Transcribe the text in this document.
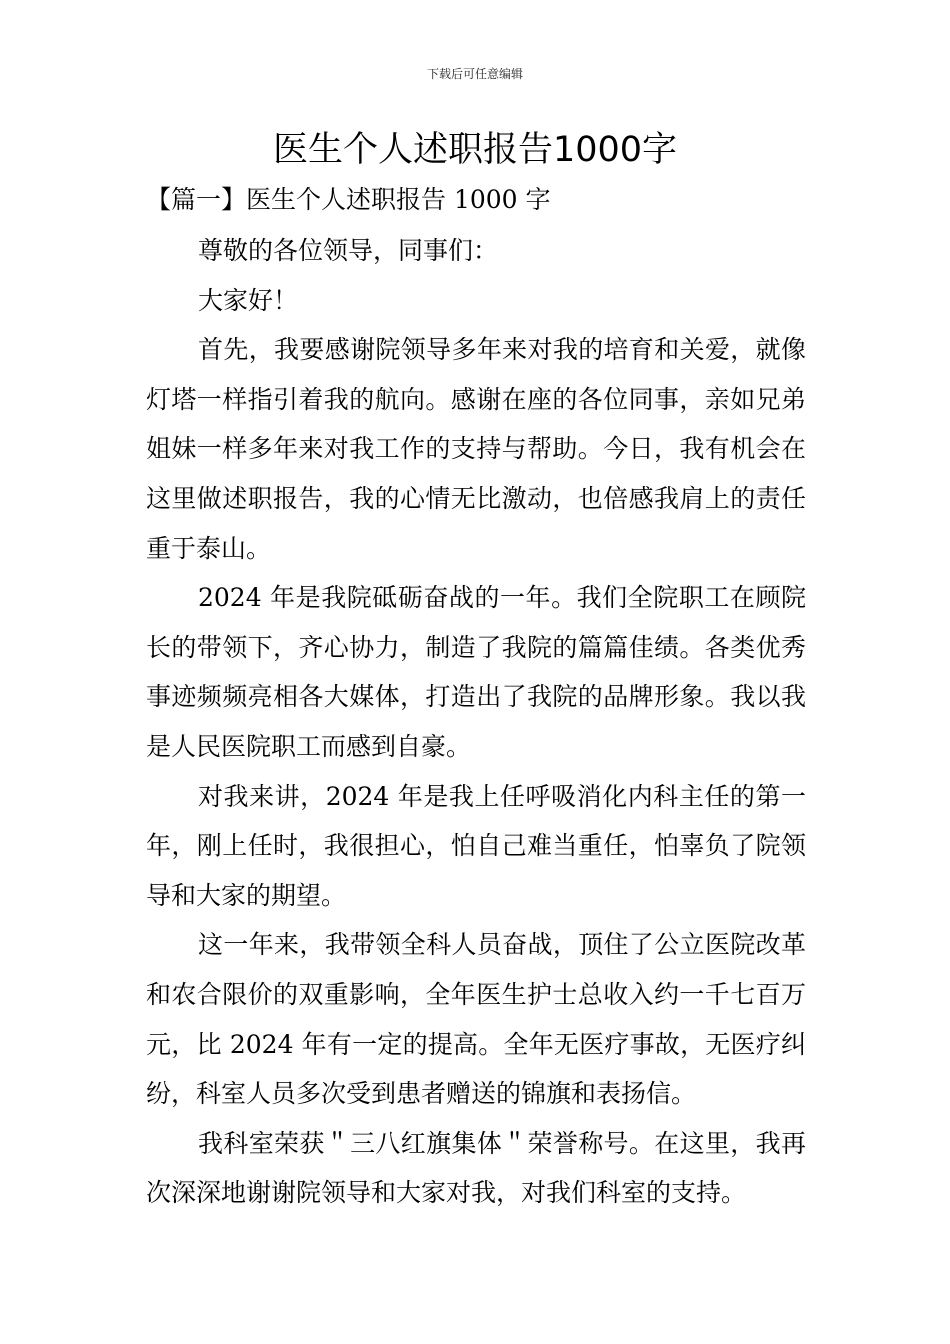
下载后可任意编辑
医生个人述职报告1000字
【篇一】医生个人述职报告 1000 字

尊敬的各位领导，同事们：

大家好！

首先，我要感谢院领导多年来对我的培育和关爱，就像灯塔一样指引着我的航向。感谢在座的各位同事，亲如兄弟姐妹一样多年来对我工作的支持与帮助。今日，我有机会在这里做述职报告，我的心情无比激动，也倍感我肩上的责任重于泰山。

2024 年是我院砥砺奋战的一年。我们全院职工在顾院长的带领下，齐心协力，制造了我院的篇篇佳绩。各类优秀事迹频频亮相各大媒体，打造出了我院的品牌形象。我以我是人民医院职工而感到自豪。

对我来讲，2024 年是我上任呼吸消化内科主任的第一年，刚上任时，我很担心，怕自己难当重任，怕辜负了院领导和大家的期望。

这一年来，我带领全科人员奋战，顶住了公立医院改革和农合限价的双重影响，全年医生护士总收入约一千七百万元，比 2024 年有一定的提高。全年无医疗事故，无医疗纠纷，科室人员多次受到患者赠送的锦旗和表扬信。

我科室荣获＂三八红旗集体＂荣誉称号。在这里，我再次深深地谢谢院领导和大家对我，对我们科室的支持。
